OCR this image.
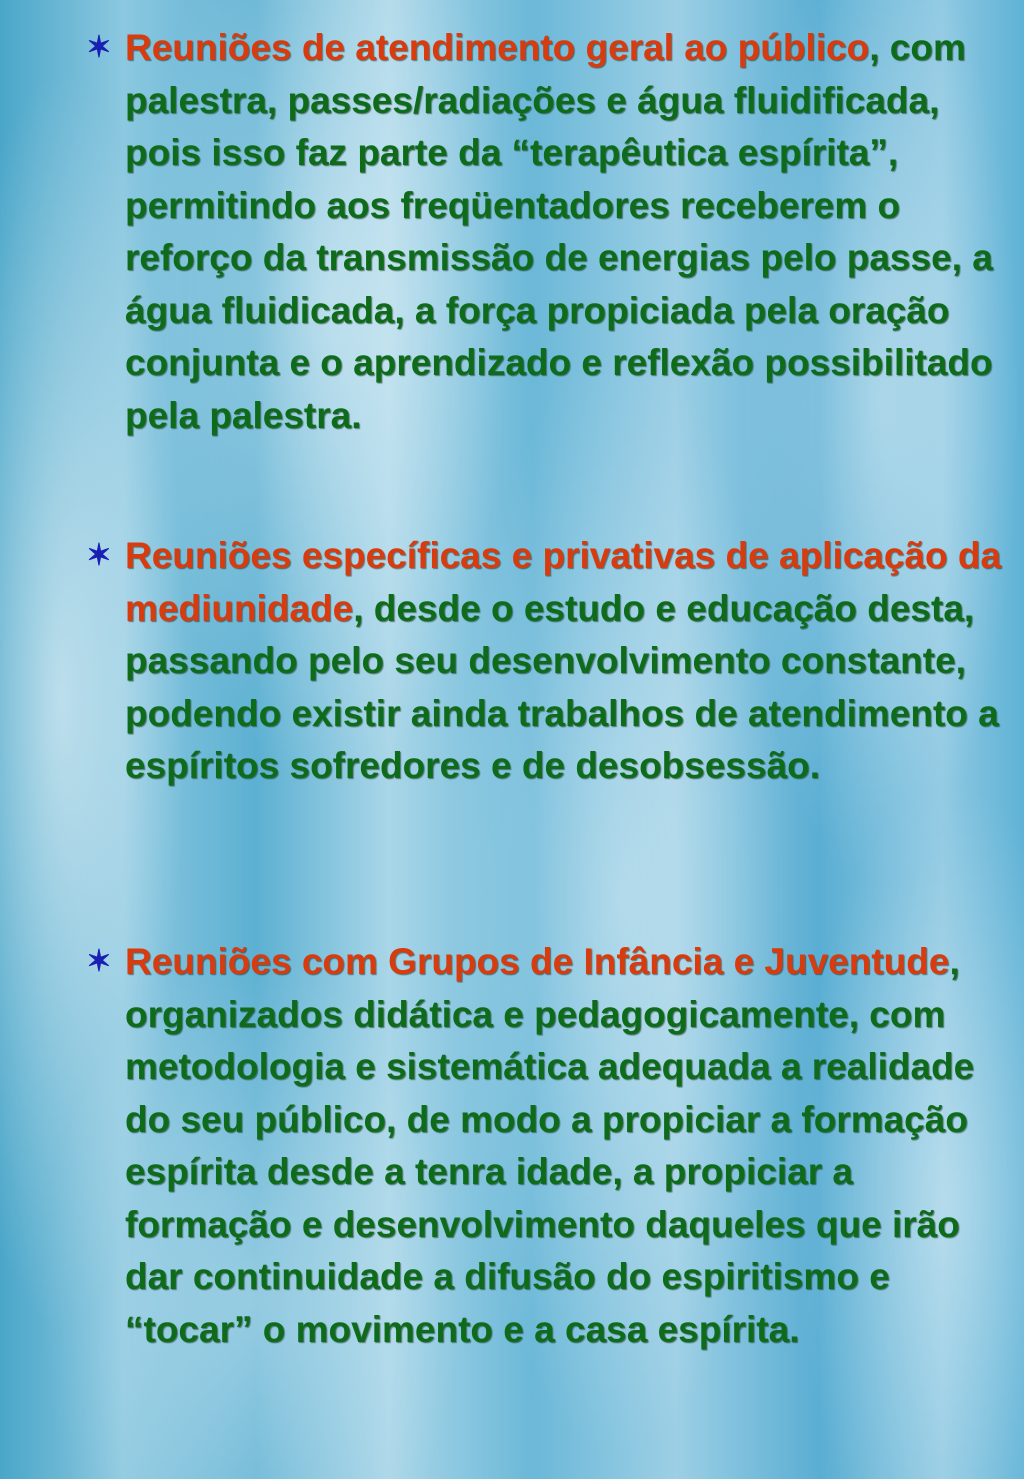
✶ Reuniões de atendimento geral ao público, com palestra, passes/radiações e água fluidificada, pois isso faz parte da “terapêutica espírita”, permitindo aos freqüentadores receberem o reforço da transmissão de energias pelo passe, a água fluidicada, a força propiciada pela oração conjunta e o aprendizado e reflexão possibilitado pela palestra.

✶ Reuniões específicas e privativas de aplicação da mediunidade, desde o estudo e educação desta, passando pelo seu desenvolvimento constante, podendo existir ainda trabalhos de atendimento a espíritos sofredores e de desobsessão.

✶ Reuniões com Grupos de Infância e Juventude, organizados didática e pedagogicamente, com metodologia e sistemática adequada a realidade do seu público, de modo a propiciar a formação espírita desde a tenra idade, a propiciar a formação e desenvolvimento daqueles que irão dar continuidade a difusão do espiritismo e “tocar” o movimento e a casa espírita.
